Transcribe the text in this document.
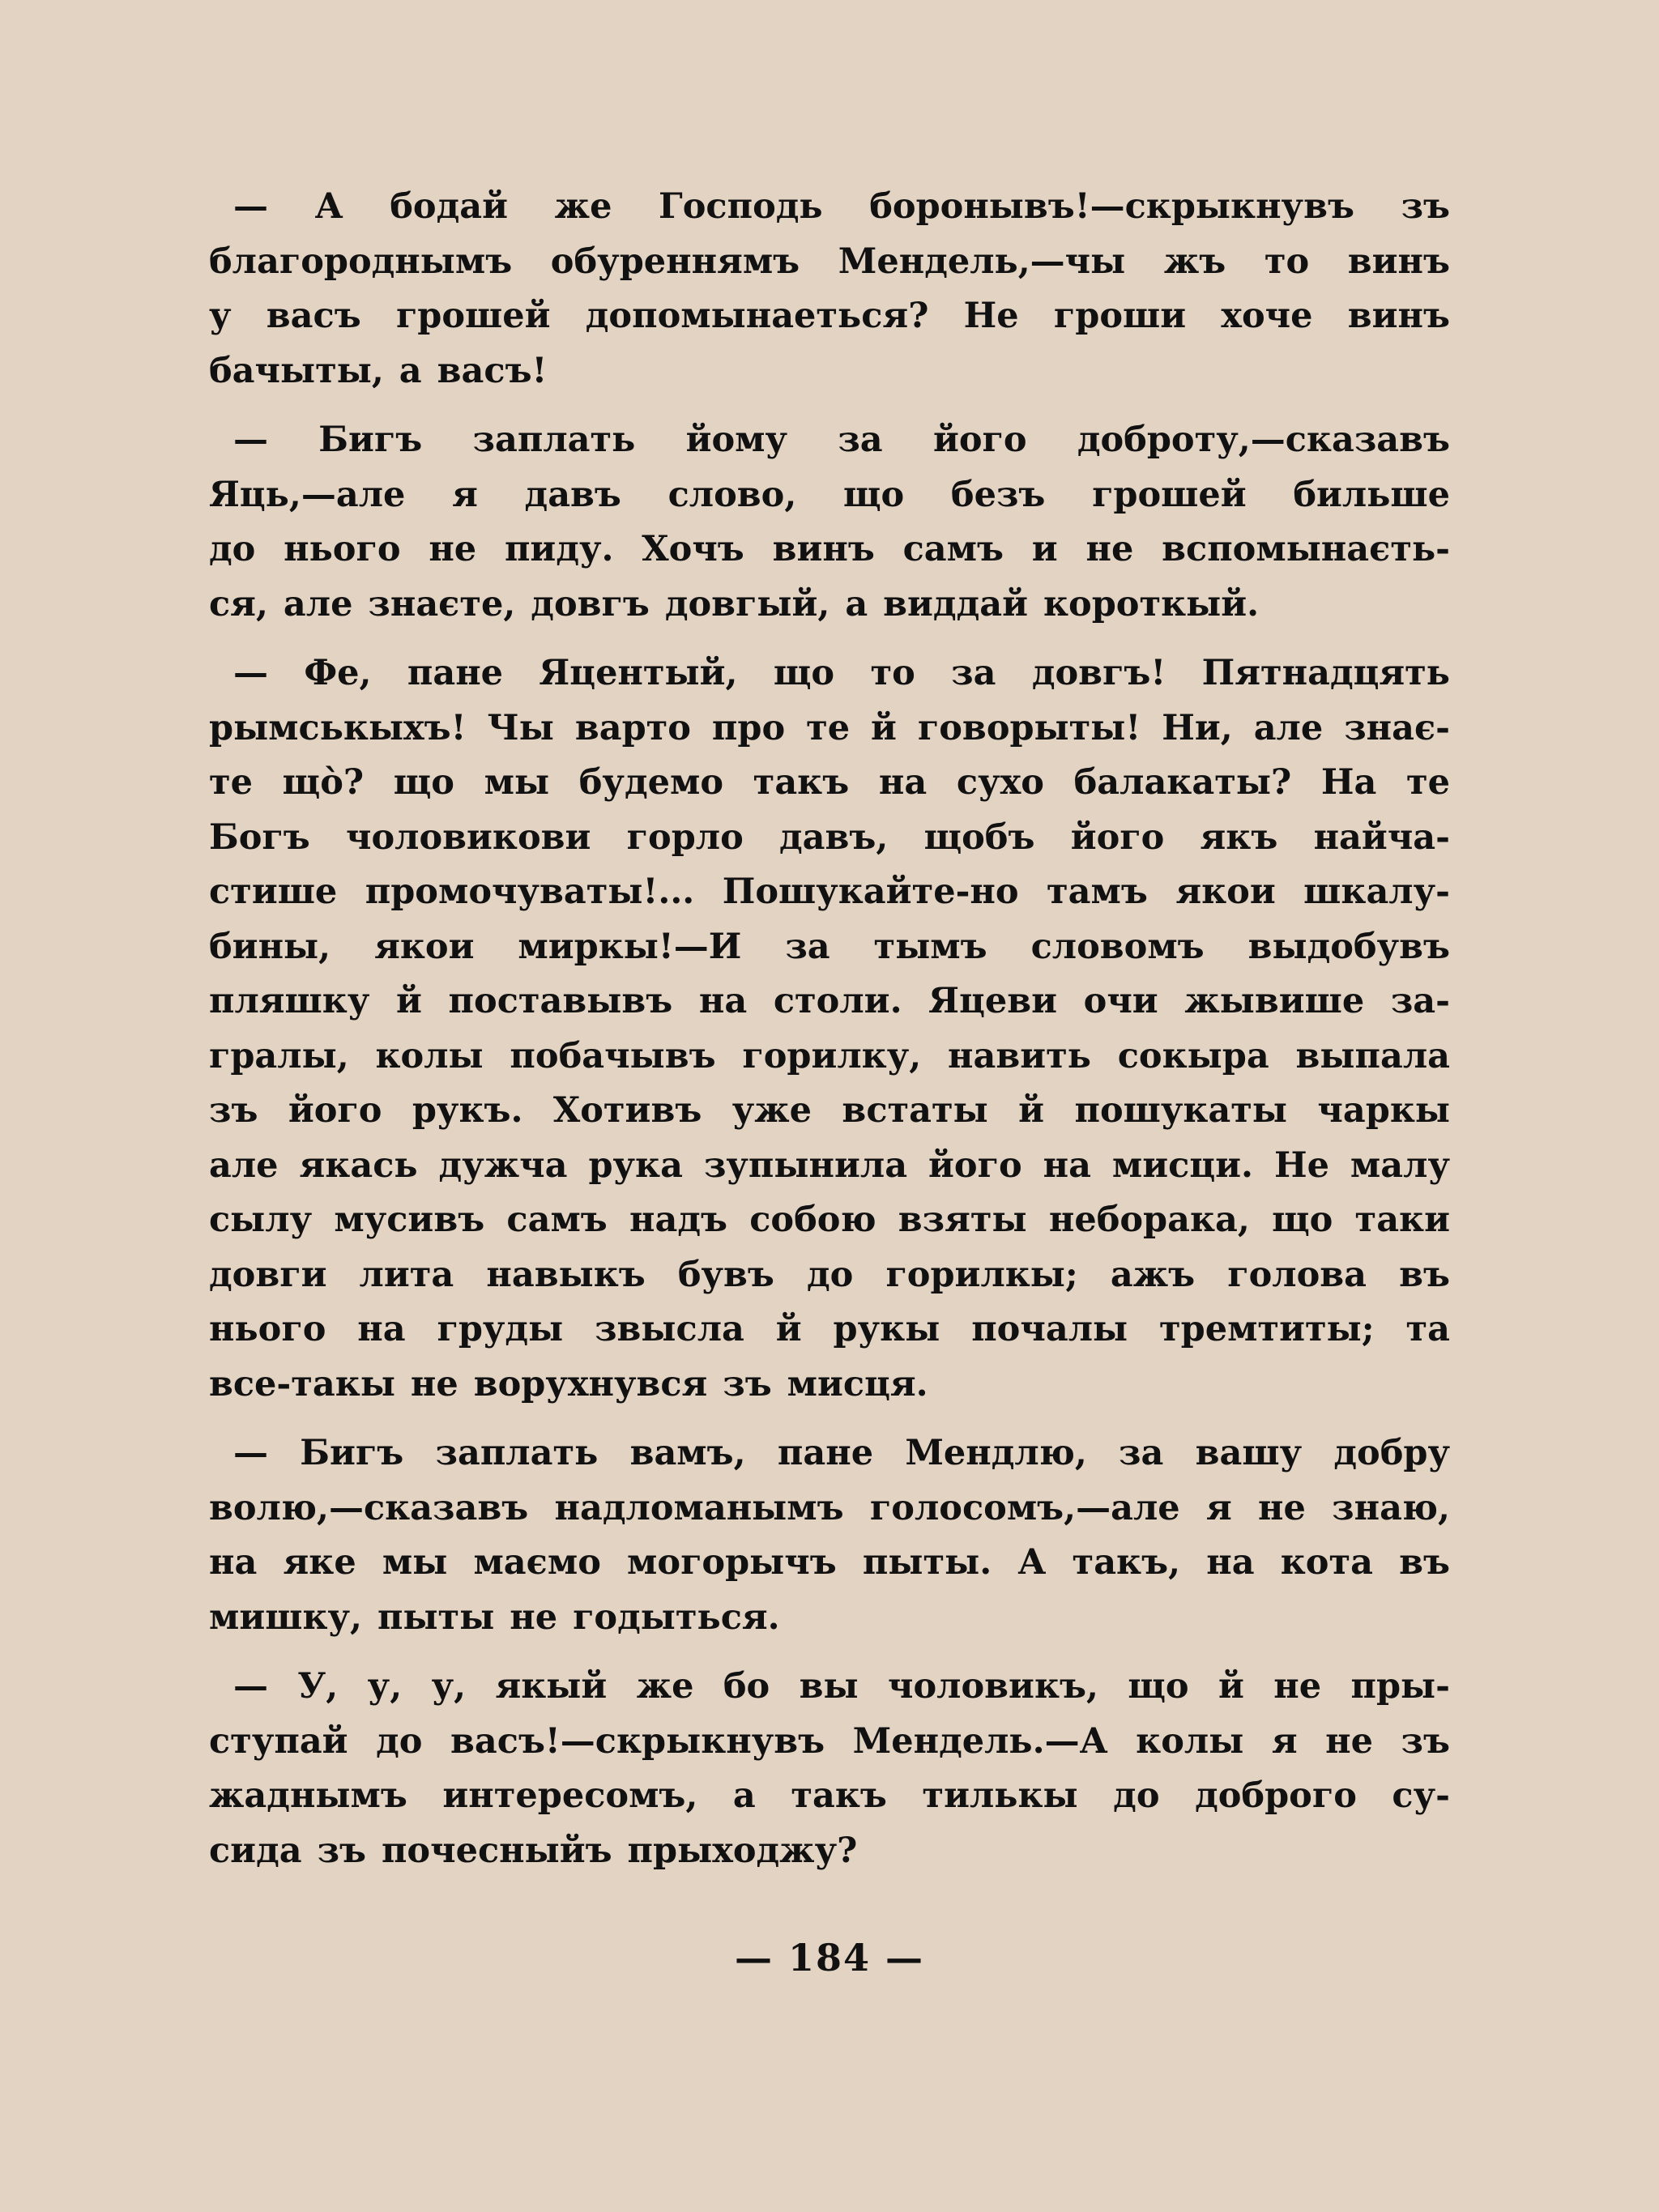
— А бодай же Господь боронывъ!—скрыкнувъ зъ
благороднымъ обуреннямъ Мендель,—чы жъ то винъ
у васъ грошей допомынаеться? Не гроши хоче винъ
бачыты, а васъ!
— Бигъ заплать йому за його доброту,—сказавъ
Яць,—але я давъ слово, що безъ грошей бильше
до нього не пиду. Хочъ винъ самъ и не вспомынаєть-
ся, але знаєте, довгъ довгый, а виддай короткый.
— Фе, пане Яцентый, що то за довгъ! Пятнадцять
рымськыхъ! Чы варто про те й говорыты! Ни, але знає-
те щò? що мы будемо такъ на сухо балакаты? На те
Богъ чоловикови горло давъ, щобъ його якъ найча-
стише промочуваты!... Пошукайте-но тамъ якои шкалу-
бины, якои миркы!—И за тымъ словомъ выдобувъ
пляшку й поставывъ на столи. Яцеви очи жывише за-
гралы, колы побачывъ горилку, навить сокыра выпала
зъ його рукъ. Хотивъ уже встаты й пошукаты чаркы
але якась дужча рука зупынила його на мисци. Не малу
сылу мусивъ самъ надъ собою взяты неборака, що таки
довги лита навыкъ бувъ до горилкы; ажъ голова въ
нього на груды звысла й рукы почалы тремтиты; та
все-такы не ворухнувся зъ мисця.
— Бигъ заплать вамъ, пане Мендлю, за вашу добру
волю,—сказавъ надломанымъ голосомъ,—але я не знаю,
на яке мы маємо могорычъ пыты. А такъ, на кота въ
мишку, пыты не годыться.
— У, у, у, якый же бо вы чоловикъ, що й не пры-
ступай до васъ!—скрыкнувъ Мендель.—А колы я не зъ
жаднымъ интересомъ, а такъ тилькы до доброго су-
сида зъ почесныйъ прыходжу?
— 184 —
